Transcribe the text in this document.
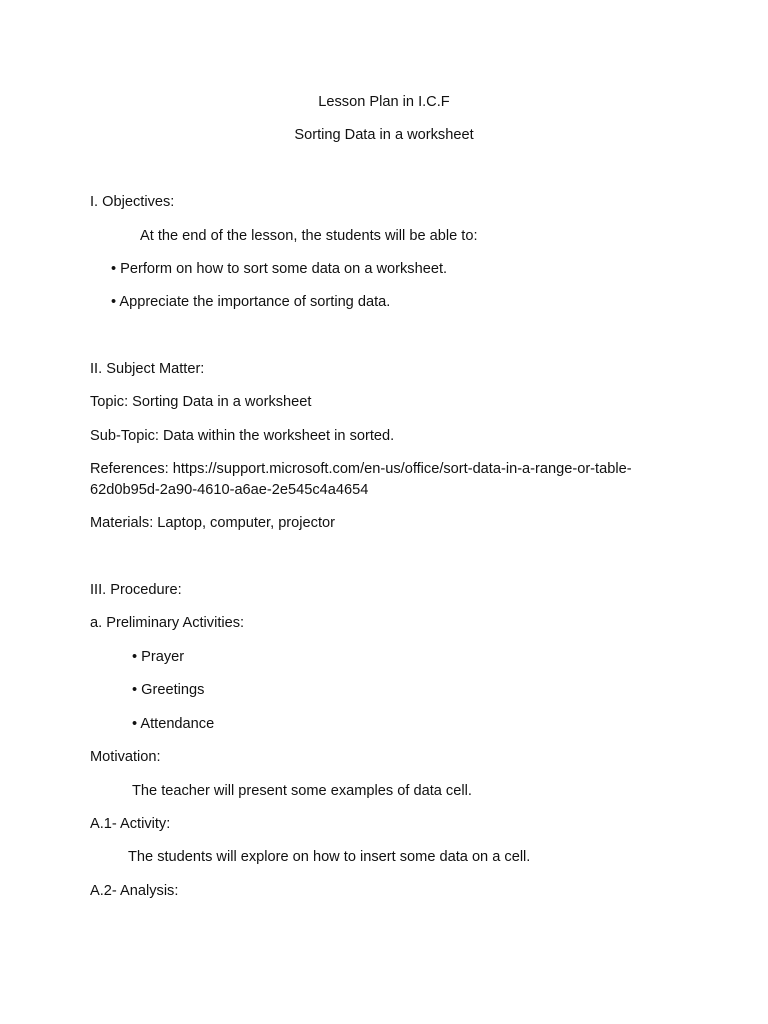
Lesson Plan in I.C.F
Sorting Data in a worksheet
I. Objectives:
At the end of the lesson, the students will be able to:
• Perform on how to sort some data on a worksheet.
• Appreciate the importance of sorting data.
II. Subject Matter:
Topic: Sorting Data in a worksheet
Sub-Topic: Data within the worksheet in sorted.
References: https://support.microsoft.com/en-us/office/sort-data-in-a-range-or-table-62d0b95d-2a90-4610-a6ae-2e545c4a4654
Materials: Laptop, computer, projector
III. Procedure:
a. Preliminary Activities:
• Prayer
• Greetings
• Attendance
Motivation:
The teacher will present some examples of data cell.
A.1- Activity:
The students will explore on how to insert some data on a cell.
A.2- Analysis:
